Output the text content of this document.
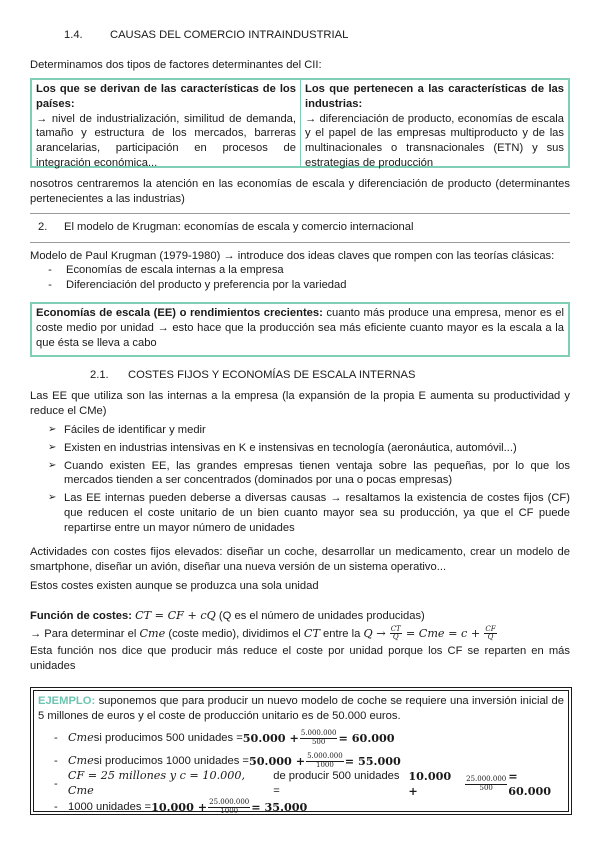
1.4. CAUSAS DEL COMERCIO INTRAINDUSTRIAL
Determinamos dos tipos de factores determinantes del CII:
Los que se derivan de las características de los países:
→ nivel de industrialización, similitud de demanda, tamaño y estructura de los mercados, barreras arancelarias, participación en procesos de integración económica...
Los que pertenecen a las características de las industrias:
→ diferenciación de producto, economías de escala y el papel de las empresas multiproducto y de las multinacionales o transnacionales (ETN) y sus estrategias de producción
nosotros centraremos la atención en las economías de escala y diferenciación de producto (determinantes pertenecientes a las industrias)
2. El modelo de Krugman: economías de escala y comercio internacional
Modelo de Paul Krugman (1979-1980) → introduce dos ideas claves que rompen con las teorías clásicas:
-	Economías de escala internas a la empresa
-	Diferenciación del producto y preferencia por la variedad
Economías de escala (EE) o rendimientos crecientes: cuanto más produce una empresa, menor es el coste medio por unidad → esto hace que la producción sea más eficiente cuanto mayor es la escala a la que ésta se lleva a cabo
2.1. COSTES FIJOS Y ECONOMÍAS DE ESCALA INTERNAS
Las EE que utiliza son las internas a la empresa (la expansión de la propia E aumenta su productividad y reduce el CMe)
➢ Fáciles de identificar y medir
➢ Existen en industrias intensivas en K e instensivas en tecnología (aeronáutica, automóvil...)
➢ Cuando existen EE, las grandes empresas tienen ventaja sobre las pequeñas, por lo que los mercados tienden a ser concentrados (dominados por una o pocas empresas)
➢ Las EE internas pueden deberse a diversas causas → resaltamos la existencia de costes fijos (CF) que reducen el coste unitario de un bien cuanto mayor sea su producción, ya que el CF puede repartirse entre un mayor número de unidades
Actividades con costes fijos elevados: diseñar un coche, desarrollar un medicamento, crear un modelo de smartphone, diseñar un avión, diseñar una nueva versión de un sistema operativo...
Estos costes existen aunque se produzca una sola unidad
Función de costes: CT = CF + cQ (Q es el número de unidades producidas)
→ Para determinar el Cme (coste medio), dividimos el CT entre la $Q \to \frac{CT}{Q}$ = Cme = $c + \frac{CF}{Q}$
Esta función nos dice que producir más reduce el coste por unidad porque los CF se reparten en más unidades
EJEMPLO: suponemos que para producir un nuevo modelo de coche se requiere una inversión inicial de 5 millones de euros y el coste de producción unitario es de 50.000 euros.
- Cme si producimos 500 unidades = $50.000 + \frac{5.000.000}{500} = 60.000$
- Cme si producimos 1000 unidades = $50.000 + \frac{5.000.000}{1000} = 55.000$
-
CF = 25 millones y c = 10.000, Cme
de producir 500 unidades =
10.000 +	$\frac{25.000.000}{500} = 60.000$
- 1000 unidades = $10.000 + \frac{25.000.000}{1000} = 35.000$
